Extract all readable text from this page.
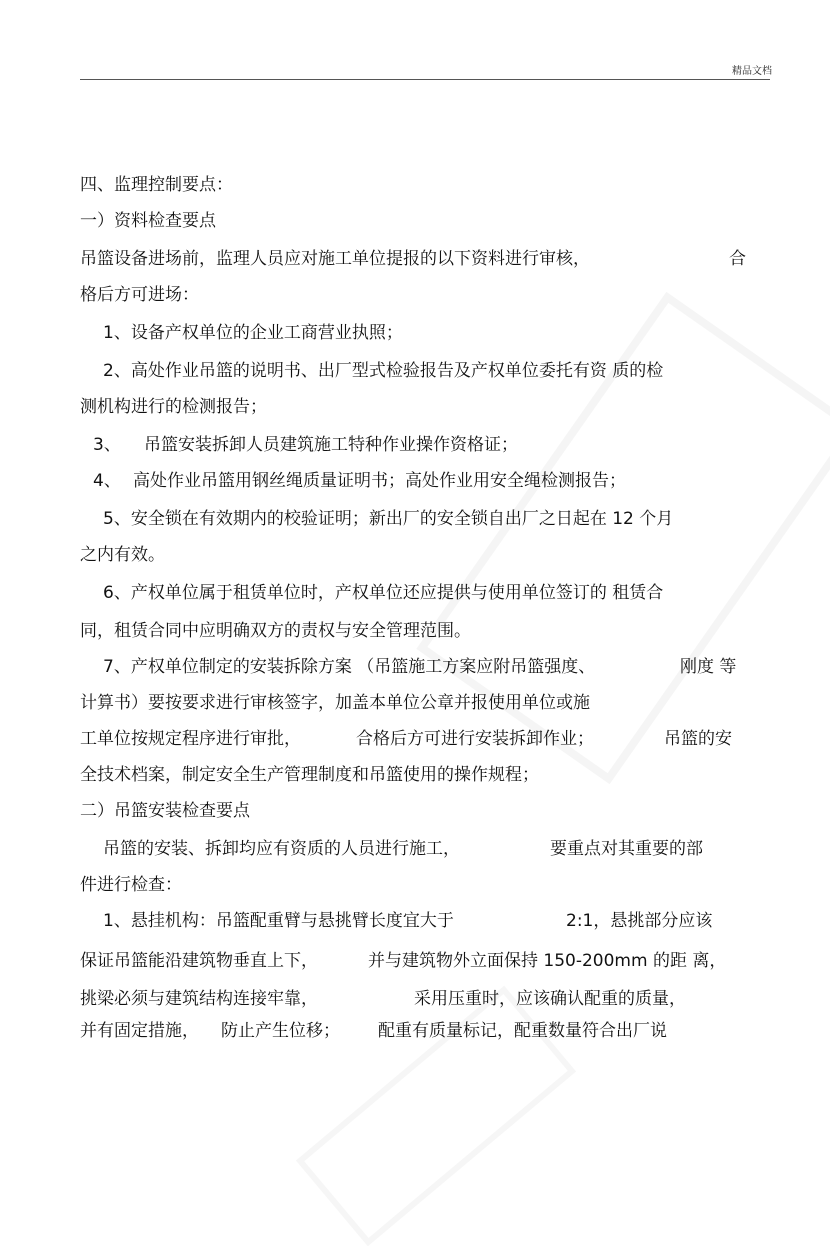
精品文档
四、监理控制要点：
一）资料检查要点
吊篮设备进场前，监理人员应对施工单位提报的以下资料进行审核，	合
格后方可进场：
1、设备产权单位的企业工商营业执照；
2、高处作业吊篮的说明书、出厂型式检验报告及产权单位委托有资 质的检
测机构进行的检测报告；
3、 吊篮安装拆卸人员建筑施工特种作业操作资格证；
4、 高处作业吊篮用钢丝绳质量证明书；高处作业用安全绳检测报告；
5、安全锁在有效期内的校验证明；新出厂的安全锁自出厂之日起在 12 个月
之内有效。
6、产权单位属于租赁单位时，产权单位还应提供与使用单位签订的 租赁合
同，租赁合同中应明确双方的责权与安全管理范围。
7、产权单位制定的安装拆除方案 （吊篮施工方案应附吊篮强度、	刚度 等
计算书）要按要求进行审核签字，加盖本单位公章并报使用单位或施
工单位按规定程序进行审批，	合格后方可进行安装拆卸作业；	吊篮的安
全技术档案，制定安全生产管理制度和吊篮使用的操作规程；
二）吊篮安装检查要点
吊篮的安装、拆卸均应有资质的人员进行施工，	要重点对其重要的部
件进行检查：
1、悬挂机构：吊篮配重臂与悬挑臂长度宜大于	2:1，悬挑部分应该
保证吊篮能沿建筑物垂直上下，	并与建筑物外立面保持 150-200mm 的距 离，
挑梁必须与建筑结构连接牢靠，	采用压重时，应该确认配重的质量，
并有固定措施， 防止产生位移； 配重有质量标记，配重数量符合出厂说
